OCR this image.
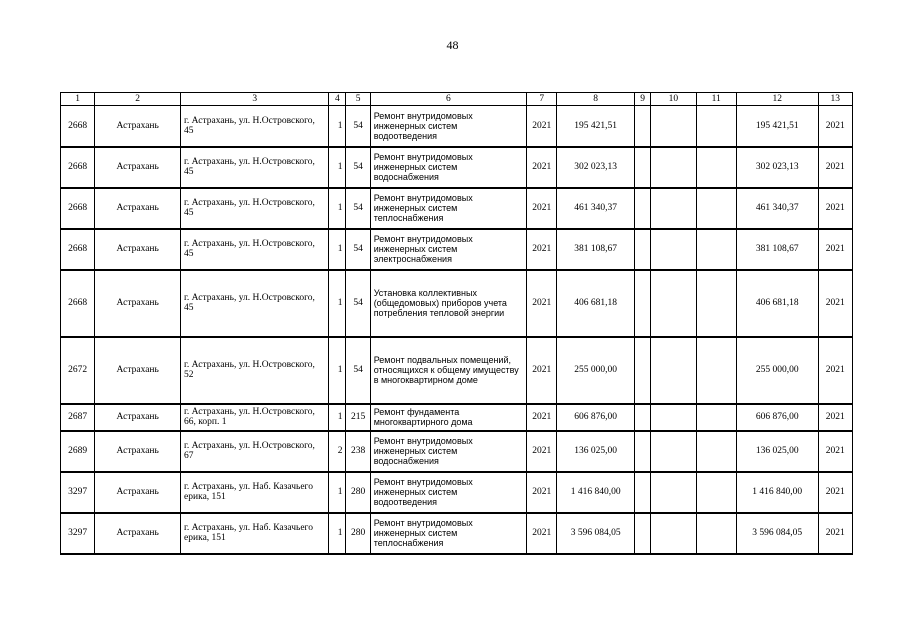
48
1	2	3	4	5	6	7	8	9	10	11	12	13
2668	Астрахань	г. Астрахань, ул. Н.Островского, 45	1	54	Ремонт внутридомовых инженерных систем водоотведения	2021	195 421,51				195 421,51	2021
2668	Астрахань	г. Астрахань, ул. Н.Островского, 45	1	54	Ремонт внутридомовых инженерных систем водоснабжения	2021	302 023,13				302 023,13	2021
2668	Астрахань	г. Астрахань, ул. Н.Островского, 45	1	54	Ремонт внутридомовых инженерных систем теплоснабжения	2021	461 340,37				461 340,37	2021
2668	Астрахань	г. Астрахань, ул. Н.Островского, 45	1	54	Ремонт внутридомовых инженерных систем электроснабжения	2021	381 108,67				381 108,67	2021
2668	Астрахань	г. Астрахань, ул. Н.Островского, 45	1	54	Установка коллективных (общедомовых) приборов учета потребления тепловой энергии	2021	406 681,18				406 681,18	2021
2672	Астрахань	г. Астрахань, ул. Н.Островского, 52	1	54	Ремонт подвальных помещений, относящихся к общему имуществу в многоквартирном доме	2021	255 000,00				255 000,00	2021
2687	Астрахань	г. Астрахань, ул. Н.Островского, 66, корп. 1	1	215	Ремонт фундамента многоквартирного дома	2021	606 876,00				606 876,00	2021
2689	Астрахань	г. Астрахань, ул. Н.Островского, 67	2	238	Ремонт внутридомовых инженерных систем водоснабжения	2021	136 025,00				136 025,00	2021
3297	Астрахань	г. Астрахань, ул. Наб. Казачьего ерика, 151	1	280	Ремонт внутридомовых инженерных систем водоотведения	2021	1 416 840,00				1 416 840,00	2021
3297	Астрахань	г. Астрахань, ул. Наб. Казачьего ерика, 151	1	280	Ремонт внутридомовых инженерных систем теплоснабжения	2021	3 596 084,05				3 596 084,05	2021
